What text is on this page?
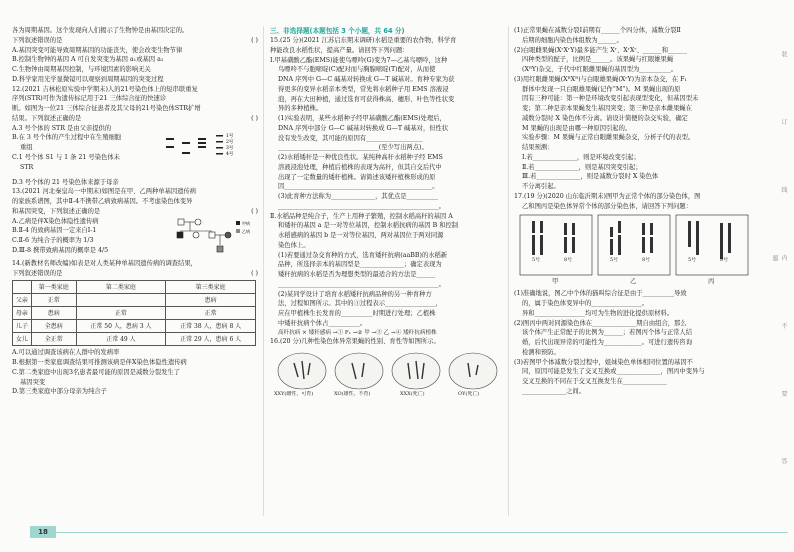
各为周期基因。这个发现向人们揭示了生物钟是由基因决定的。

下列叙述错误的是	( )

A.基因突变可能导致周期基因的功能丧失，使会改变生物节律

B.控制生物钟的基因 A 可自发突变为基因 a₁或基因 a₂

C.生物钟由周期基因控制，与环境因素的影响无关

D.科学家用光学显微镜可以观察到周期基因的突变过程

12.(2021 吉林松原实验中学期末)人的21号染色体上的短串联重复

序列(STR)可作为遗传标记用于21 三体综合征的快速诊

断。如图为一位21 三体综合征患者及其父母的21号染色体STR扩增

结果。下列叙述正确的是	( )

A.3 号个体的 STR 是由父亲提供的

B.在 3 号个体的产生过程中在生殖细胞

重组

C.1 号个体 S1 与 1 条 21 号染色体未

STR

1号
2号
3号
4号

D.3 号个体的 21 号染色体来源于母亲

13.(2021 河北秦皇岛一中期末)如图是在甲、乙两种单基因遗传病

的家族系谱图，其中Ⅱ-4不携带乙病致病基因。不考虑染色体变异

和基因突变，下列叙述正确的是	( )

A.乙病是伴X染色体隐性遗传病

B.Ⅱ-4 的致病基因一定来自Ⅰ-1

C.Ⅱ-6 为纯合子的概率为 1/3

D.Ⅲ-8 携带致病基因的概率是 4/5

甲病
乙病

14.(新教材名师改编)如表是对人类某种单基因遗传病的调查结果，

下列叙述错误的是	( )

	第一类家庭	第二类家庭	第三类家庭
父亲	正常		患病
母亲	患病	正常	正常
儿子	全患病	正常 50 人，患病 3 人	正常 38 人，患病 8 人
女儿	全正常	正常 49 人	正常 29 人，患病 6 人

A.可以通过调查该病在人群中的发病率

B.根据第一类家庭调查结果可推测该病是伴X染色体隐性遗传病

C.第二类家庭中出现3名患者最可能的原因是减数分裂发生了

基因突变

D.第三类家庭中部分母亲为纯合子

三、非选择题(本题包括 3 个小题，共 64 分)

15.(25 分)(2021 江苏启东期末调研)水稻是重要的农作物，科学育

种能改良水稻性状，提高产量。请回答下列问题：

Ⅰ.甲基磺酸乙酯(EMS)能使鸟嘌呤(G)变为7—乙基鸟嘌呤，这种

鸟嘌呤不与胞嘧啶(C)配对而与胸腺嘧啶(T)配对，从而使

DNA 序列中 G—C 碱基对转换成 G—T 碱基对。育种专家为获

得更多的变异水稻亲本类型，常先将水稻种子用 EMS 溶液浸

泡，再在大田种植，通过选育可获得株高、穗形、叶色等性状变

异的多种植株。

(1)实验表明，某些水稻种子经甲基磺酸乙酯(EMS)处理后，

DNA 序列中部分 G—C 碱基对转换成 G—T 碱基对，但性状

没有发生改变，其可能的原因有__________________

________________________________(至少写出两点)。

(2)水稻矮秆是一种优良性状。某纯种高秆水稻种子经 EMS

溶液浸泡处理，种植后植株的表现为高秆，但其自交后代中

出现了一定数量的矮秆植株。请简述该矮秆植株形成的原

因_______________________________________________。

(3)此育种方法称为______________，其优点是__________

___________________________________________________。

Ⅱ.水稻品种是纯合子，生产上用种子繁殖，控制水稻高秆的基因 A

和矮秆的基因 a 是一对等位基因，控制水稻抗病的基因 B 和控制

水稻感病的基因 b 是一对等位基因，两对基因位于两对同源

染色体上。

(1)若要通过杂交育种的方式，选育矮秆抗病(aaBB)的水稻新

品种，所选择亲本的基因型是______________；确定表现为

矮秆抗病的水稻是否为理想类型的最适合的方法是______

___________________________________________________。

(2)某同学设计了培育水稻矮秆抗病品种的另一种育种方

法，过程如图所示。其中的③过程表示________________，

应在甲植株生长发育的__________时期进行处理；乙植株

中矮秆抗病个体占__________。

高秆抗病 × 矮秆感病 →① F₁ →② 甲 →③ 乙 →④ 矮秆抗病植株

16.(20 分)几种性染色体异常果蝇的性别、育性等如图所示。

XXY(雌性，可育)	XO(雄性，不育)	XXX(死亡)	OY(死亡)

(1)正常果蝇在减数分裂Ⅰ前期有______个四分体，减数分裂Ⅱ

后期的细胞内染色体组数为______。

(2)白眼雌果蝇(XʳXʳY)最多能产生 Xʳ、XʳXʳ、______和______

四种类型的配子，比例是______。该果蝇与红眼雄果蝇

(XᴿY)杂交，子代中红眼雌果蝇的基因型为__________。

(3)用红眼雌果蝇(XᴿXᴿ)与白眼雄果蝇(XʳY)为亲本杂交，在 F₁

群体中发现一只白眼雄果蝇(记作“M”)。M 果蝇出现的原

因有三种可能：第一种是环境改变引起表现型变化，但基因型未

变；第二种是亲本果蝇发生基因突变；第三种是亲本雌果蝇在

减数分裂时 X 染色体不分离。请设计简便的杂交实验，确定

M 果蝇的出现是由哪一种原因引起的。

实验步骤：M 果蝇与正常白眼雌果蝇杂交，分析子代的表型。

结果预测：

Ⅰ.若______________，则是环境改变引起；

Ⅱ.若______________，则是基因突变引起；

Ⅲ.若______________，则是减数分裂时 X 染色体

不分离引起。

17.(19 分)(2020 山东临沂期末)图甲为正常个体的部分染色体，图

乙和图丙是染色体异常个体的部分染色体，请回答下列问题：

5号	8号	5号	8号	5号	8号

甲	乙	丙

(1)准确地说，图乙中个体的猫叫综合征是由于__________导致

的，属于染色体变异中的________________。

异和________________均可为生物的进化提供原材料。

(2)图丙中两对同源染色体在______________期自由组合，那么

该个体产生正常配子的比例为______；若图丙个体与正常人结

婚，后代出现异常的可能性为____________。可进行遗传咨询

检测和预防。

(3)若图甲个体减数分裂过程中，姐妹染色单体相同位置的基因不

同，原因可能是发生了交叉互换或______________，图丙中变异与

交叉互换的不同在于交叉互换发生在______________

______________之间。	装 订 线 内 不 要 答 题
18
